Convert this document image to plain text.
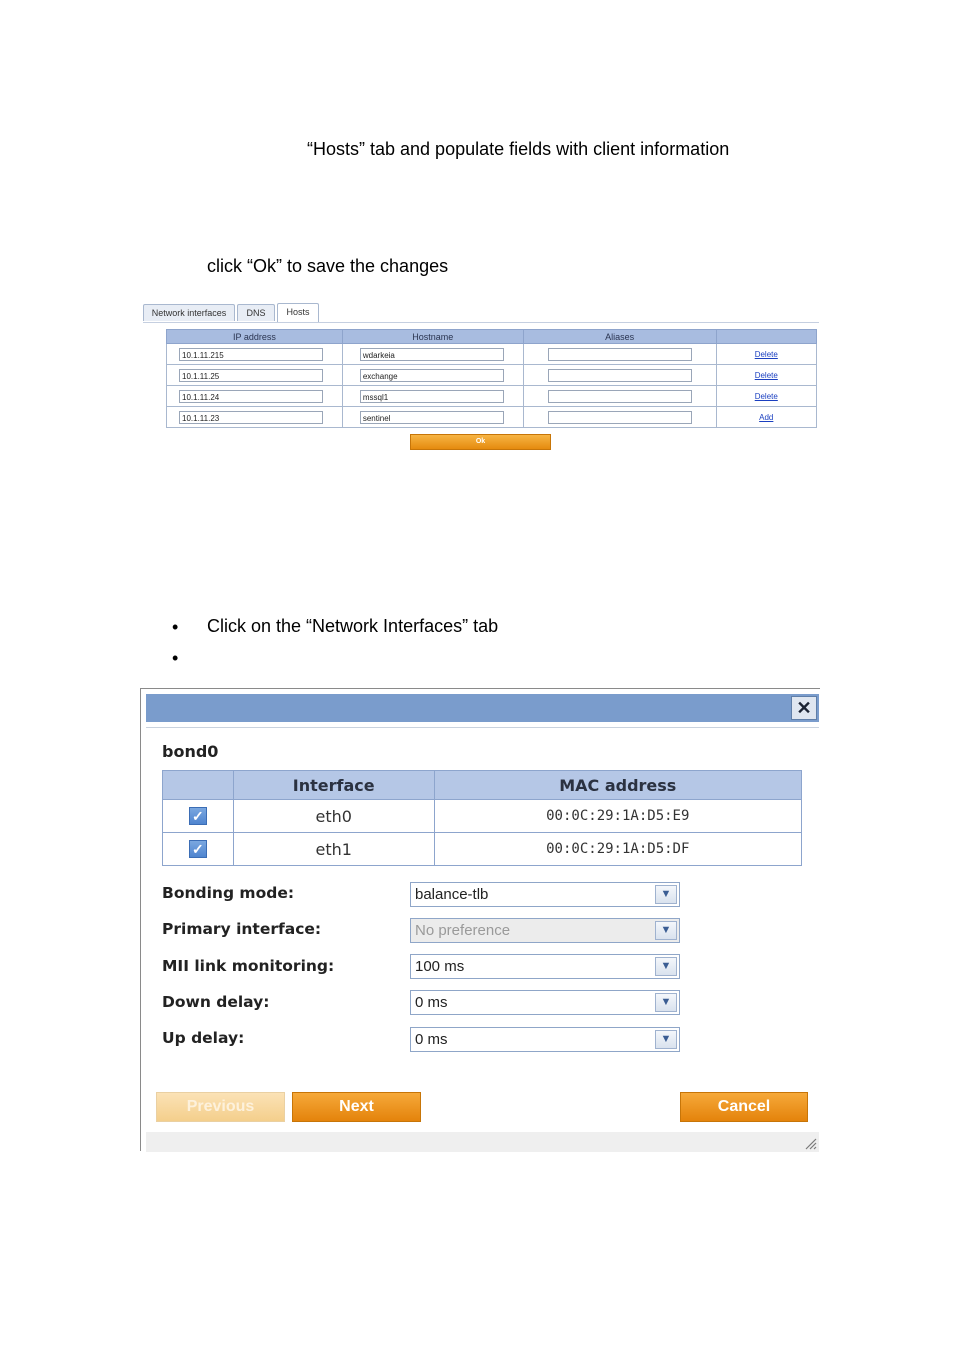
“Hosts” tab and populate fields with client information
click “Ok” to save the changes
Network interfaces	DNS	Hosts
IP address	Hostname	Aliases	

10.1.11.215	wdarkeia		Delete

10.1.11.25	exchange		Delete

10.1.11.24	mssql1		Delete

10.1.11.23	sentinel		Add
Ok
• Click on the “Network Interfaces” tab
•
✕
bond0
	Interface	MAC address
✓	eth0	00:0C:29:1A:D5:E9
✓	eth1	00:0C:29:1A:D5:DF
Bonding mode:	balance-tlb	▼
Primary interface:	No preference	▼
MII link monitoring:	100 ms	▼
Down delay:	0 ms	▼
Up delay:	0 ms	▼
Previous	Next	Cancel
